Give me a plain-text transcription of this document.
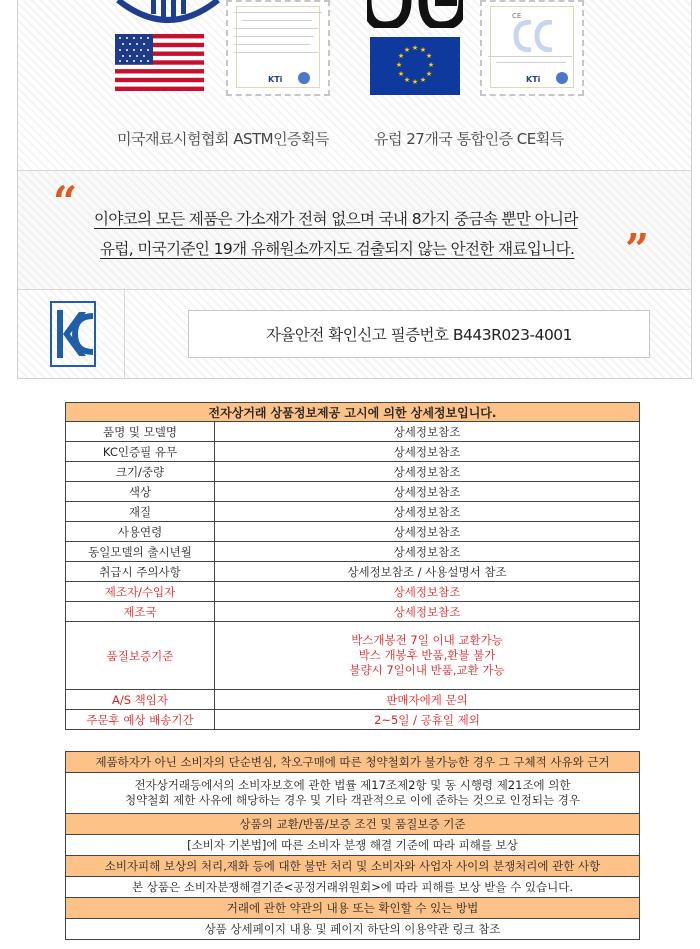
KTi
★ ★
★
★
★
★
★
★
★
★
★
★
CE
KTi
미국재료시험협회 ASTM인증획득	유럽 27개국 통합인증 CE획득
“ 이야코의 모든 제품은 가소재가 전혀 없으며 국내 8가지 중금속 뿐만 아니라
유럽, 미국기준인 19개 유해원소까지도 검출되지 않는 안전한 재료입니다. ”
자율안전 확인신고 필증번호 B443R023-4001
전자상거래 상품정보제공 고시에 의한 상세정보입니다.	
품명 및 모델명	상세정보참조
KC인증필 유무	상세정보참조
크기/중량	상세정보참조
색상	상세정보참조
재질	상세정보참조
사용연령	상세정보참조
동일모델의 출시년월	상세정보참조
취급시 주의사항	상세정보참조 / 사용설명서 참조
제조자/수입자	상세정보참조
제조국	상세정보참조
품질보증기준	박스개봉전 7일 이내 교환가능
박스 개봉후 반품,환불 불가
불량시 7일이내 반품,교환 가능

A/S 책임자	판매자에게 문의
주문후 예상 배송기간	2~5일 / 공휴일 제외
제품하자가 아닌 소비자의 단순변심, 착오구매에 따른 청약철회가 불가능한 경우 그 구체적 사유와 근거

전자상거래등에서의 소비자보호에 관한 법률 제17조제2항 및 동 시행령 제21조에 의한
청약철회 제한 사유에 해당하는 경우 및 기타 객관적으로 이에 준하는 것으로 인정되는 경우

상품의 교환/반품/보증 조건 및 품질보증 기준
[소비자 기본법]에 따른 소비자 분쟁 해결 기준에 따라 피해를 보상
소비자피해 보상의 처리,재화 등에 대한 불만 처리 및 소비자와 사업자 사이의 분쟁처리에 관한 사항
본 상품은 소비자분쟁해결기준<공정거래위원회>에 따라 피해를 보상 받을 수 있습니다.
거래에 관한 약관의 내용 또는 확인할 수 있는 방법
상품 상세페이지 내용 및 페이지 하단의 이용약관 링크 참조
